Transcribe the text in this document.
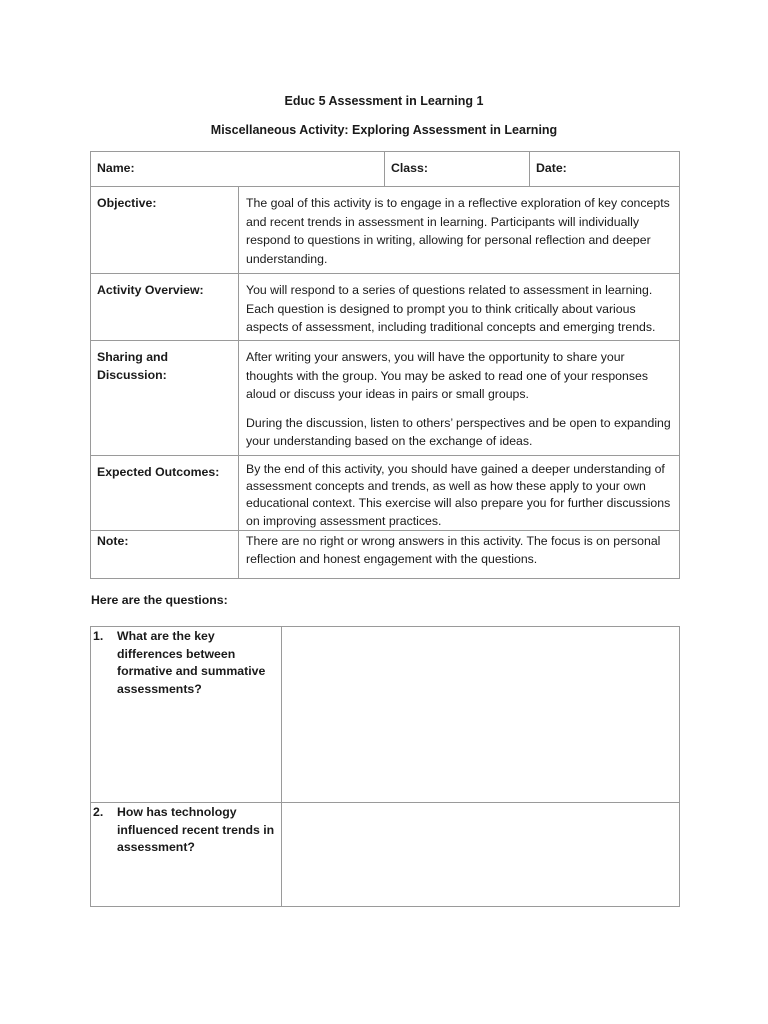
Educ 5 Assessment in Learning 1
Miscellaneous Activity: Exploring Assessment in Learning
Name:		Class:	Date:
Objective:	The goal of this activity is to engage in a reflective exploration of key concepts and recent trends in assessment in learning. Participants will individually respond to questions in writing, allowing for personal reflection and deeper understanding.		

Activity Overview:	You will respond to a series of questions related to assessment in learning. Each question is designed to prompt you to think critically about various aspects of assessment, including traditional concepts and emerging trends.		

Sharing and Discussion:	After writing your answers, you will have the opportunity to share your thoughts with the group. You may be asked to read one of your responses aloud or discuss your ideas in pairs or small groups.

During the discussion, listen to others’ perspectives and be open to expanding your understanding based on the exchange of ideas.		

Expected Outcomes:	By the end of this activity, you should have gained a deeper understanding of assessment concepts and trends, as well as how these apply to your own educational context. This exercise will also prepare you for further discussions on improving assessment practices.		

Note:	There are no right or wrong answers in this activity. The focus is on personal reflection and honest engagement with the questions.		

Here are the questions:
1. What are the key differences between formative and summative assessments?	

2. How has technology influenced recent trends in assessment?	
